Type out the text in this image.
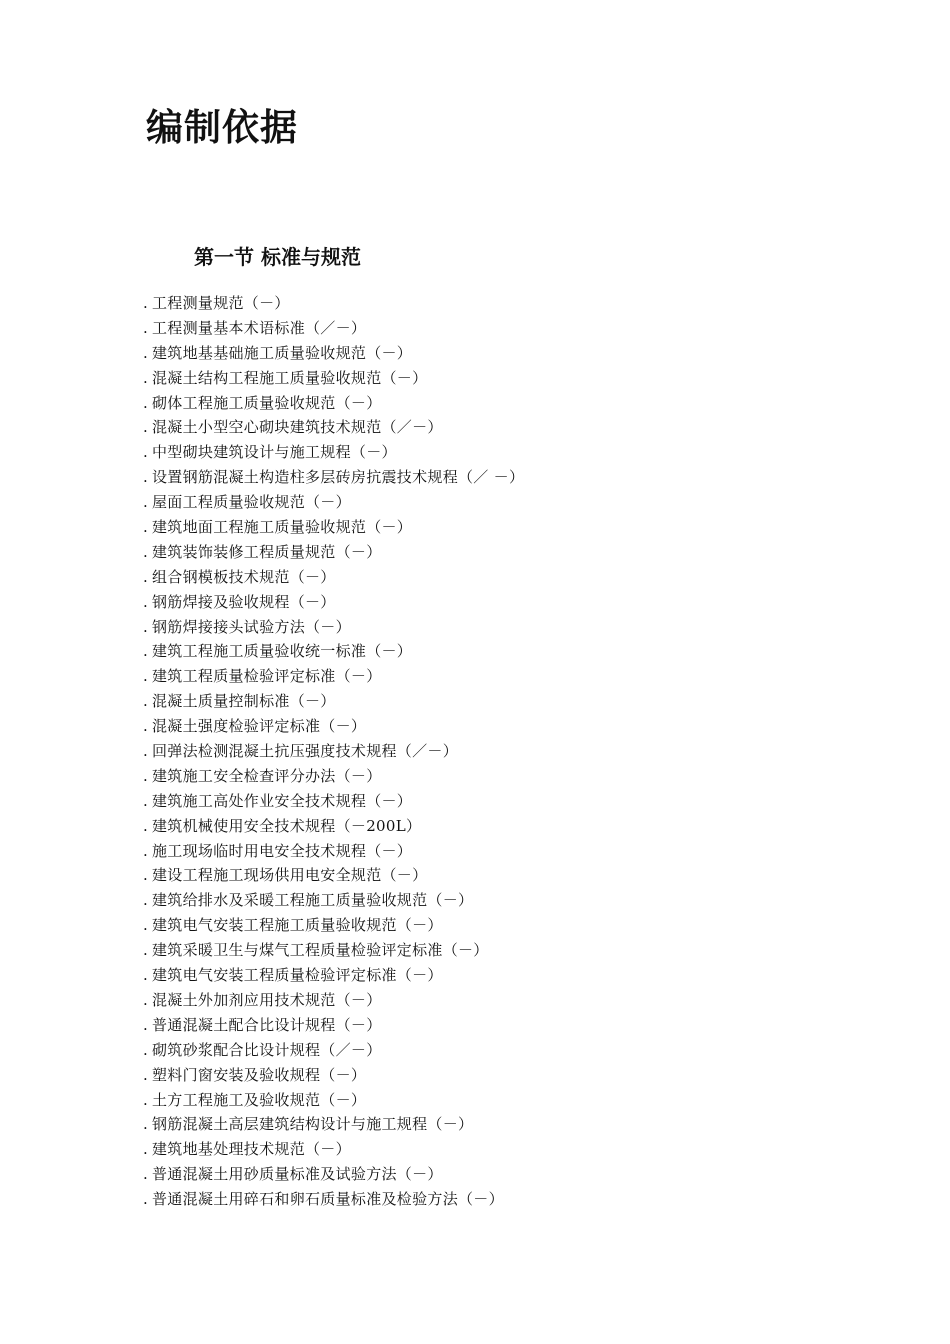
编制依据
第一节 标准与规范
. 工程测量规范（－）
. 工程测量基本术语标准（／－）
. 建筑地基基础施工质量验收规范（－）
. 混凝土结构工程施工质量验收规范（－）
. 砌体工程施工质量验收规范（－）
. 混凝土小型空心砌块建筑技术规范（／－）
. 中型砌块建筑设计与施工规程（－）
. 设置钢筋混凝土构造柱多层砖房抗震技术规程（／ －）
. 屋面工程质量验收规范（－）
. 建筑地面工程施工质量验收规范（－）
. 建筑装饰装修工程质量规范（－）
. 组合钢模板技术规范（－）
. 钢筋焊接及验收规程（－）
. 钢筋焊接接头试验方法（－）
. 建筑工程施工质量验收统一标准（－）
. 建筑工程质量检验评定标准（－）
. 混凝土质量控制标准（－）
. 混凝土强度检验评定标准（－）
. 回弹法检测混凝土抗压强度技术规程（／－）
. 建筑施工安全检查评分办法（－）
. 建筑施工高处作业安全技术规程（－）
. 建筑机械使用安全技术规程（－200L）
. 施工现场临时用电安全技术规程（－）
. 建设工程施工现场供用电安全规范（－）
. 建筑给排水及采暖工程施工质量验收规范（－）
. 建筑电气安装工程施工质量验收规范（－）
. 建筑采暖卫生与煤气工程质量检验评定标准（－）
. 建筑电气安装工程质量检验评定标准（－）
. 混凝土外加剂应用技术规范（－）
. 普通混凝土配合比设计规程（－）
. 砌筑砂浆配合比设计规程（／－）
. 塑料门窗安装及验收规程（－）
. 土方工程施工及验收规范（－）
. 钢筋混凝土高层建筑结构设计与施工规程（－）
. 建筑地基处理技术规范（－）
. 普通混凝土用砂质量标准及试验方法（－）
. 普通混凝土用碎石和卵石质量标准及检验方法（－）
